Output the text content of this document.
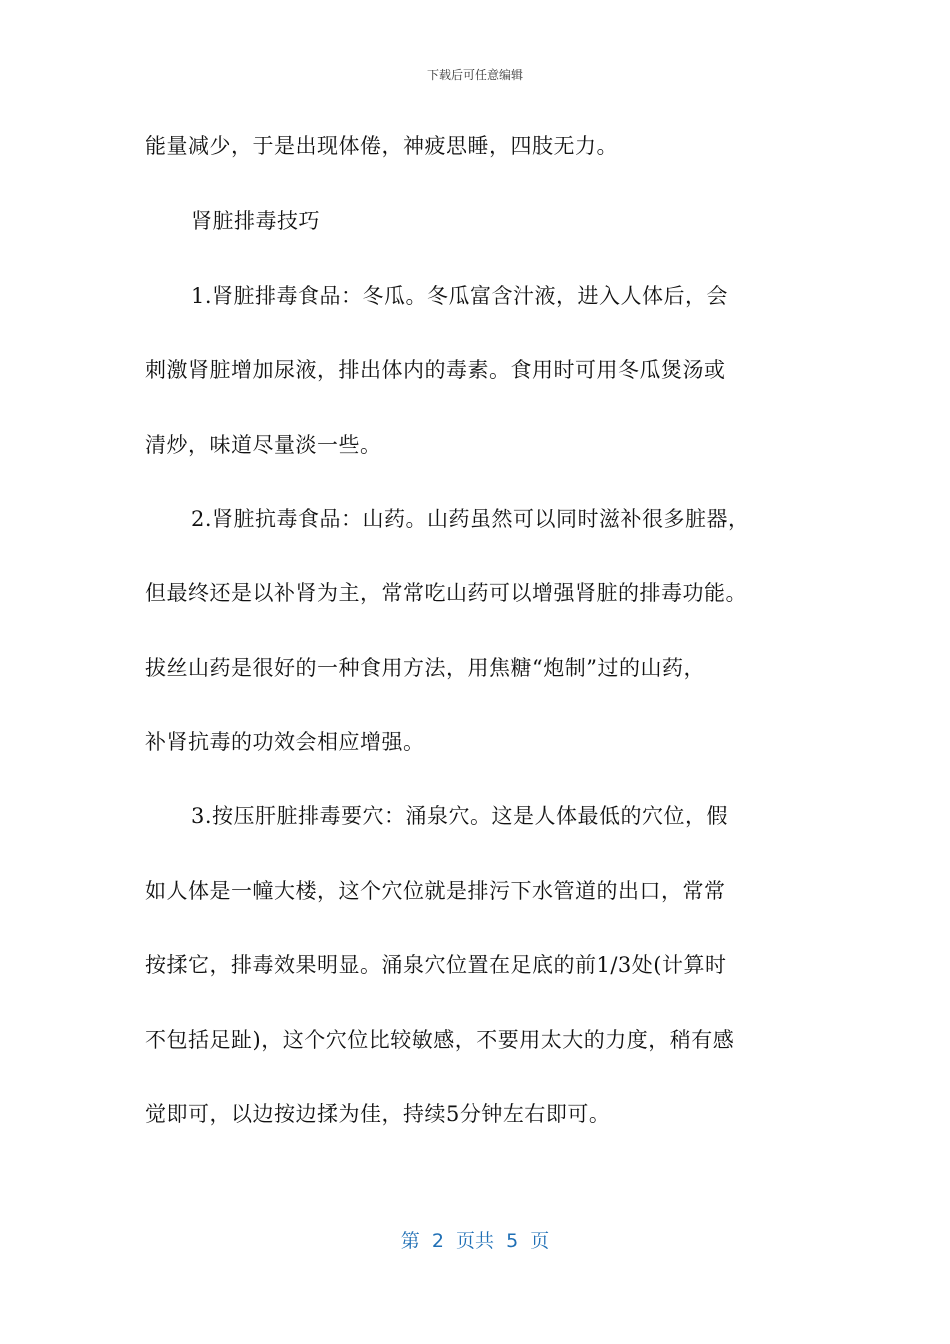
下载后可任意编辑
能量减少，于是出现体倦，神疲思睡，四肢无力。
肾脏排毒技巧
1.肾脏排毒食品：冬瓜。冬瓜富含汁液，进入人体后，会
刺激肾脏增加尿液，排出体内的毒素。食用时可用冬瓜煲汤或
清炒，味道尽量淡一些。
2.肾脏抗毒食品：山药。山药虽然可以同时滋补很多脏器，
但最终还是以补肾为主，常常吃山药可以增强肾脏的排毒功能。
拔丝山药是很好的一种食用方法，用焦糖“炮制”过的山药，
补肾抗毒的功效会相应增强。
3.按压肝脏排毒要穴：涌泉穴。这是人体最低的穴位，假
如人体是一幢大楼，这个穴位就是排污下水管道的出口，常常
按揉它，排毒效果明显。涌泉穴位置在足底的前1/3处(计算时
不包括足趾)，这个穴位比较敏感，不要用太大的力度，稍有感
觉即可，以边按边揉为佳，持续5分钟左右即可。
第  2  页共  5  页
